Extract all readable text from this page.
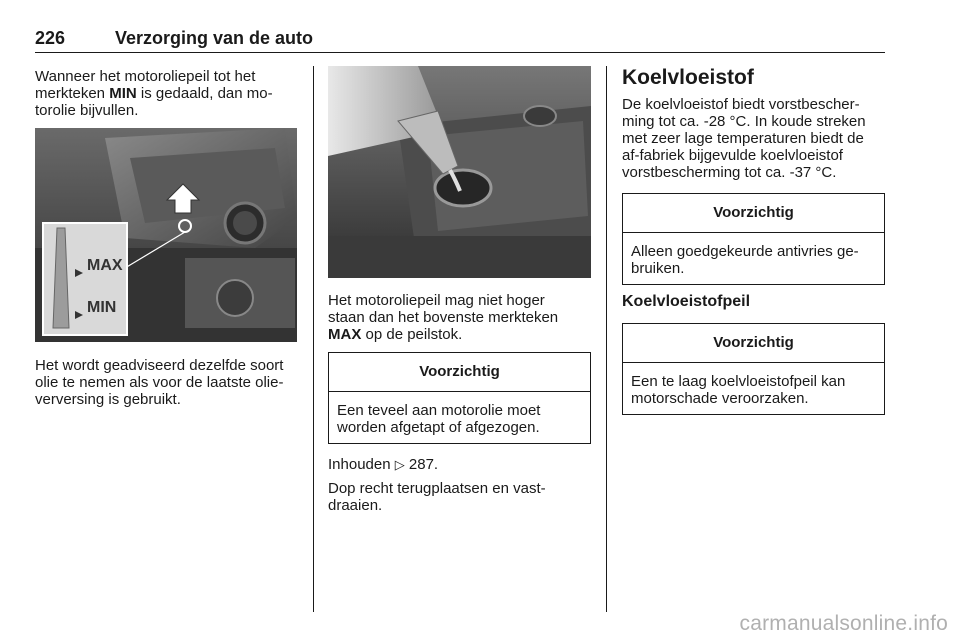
226	Verzorging van de auto

Wanneer het motoroliepeil tot het

merkteken MIN is gedaald, dan mo-

torolie bijvullen.

MAX
MIN

Het wordt geadviseerd dezelfde soort

olie te nemen als voor de laatste olie-

verversing is gebruikt.

Het motoroliepeil mag niet hoger

staan dan het bovenste merkteken

MAX op de peilstok.

Voorzichtig
Een teveel aan motorolie moet
worden afgetapt of afgezogen.

Inhouden ▷ 287.

Dop recht terugplaatsen en vast-

draaien.

Koelvloeistof

De koelvloeistof biedt vorstbescher-

ming tot ca. -28 °C. In koude streken

met zeer lage temperaturen biedt de

af-fabriek bijgevulde koelvloeistof

vorstbescherming tot ca. -37 °C.

Voorzichtig
Alleen goedgekeurde antivries ge-
bruiken.
Koelvloeistofpeil
Voorzichtig
Een te laag koelvloeistofpeil kan
motorschade veroorzaken.
carmanualsonline.info
